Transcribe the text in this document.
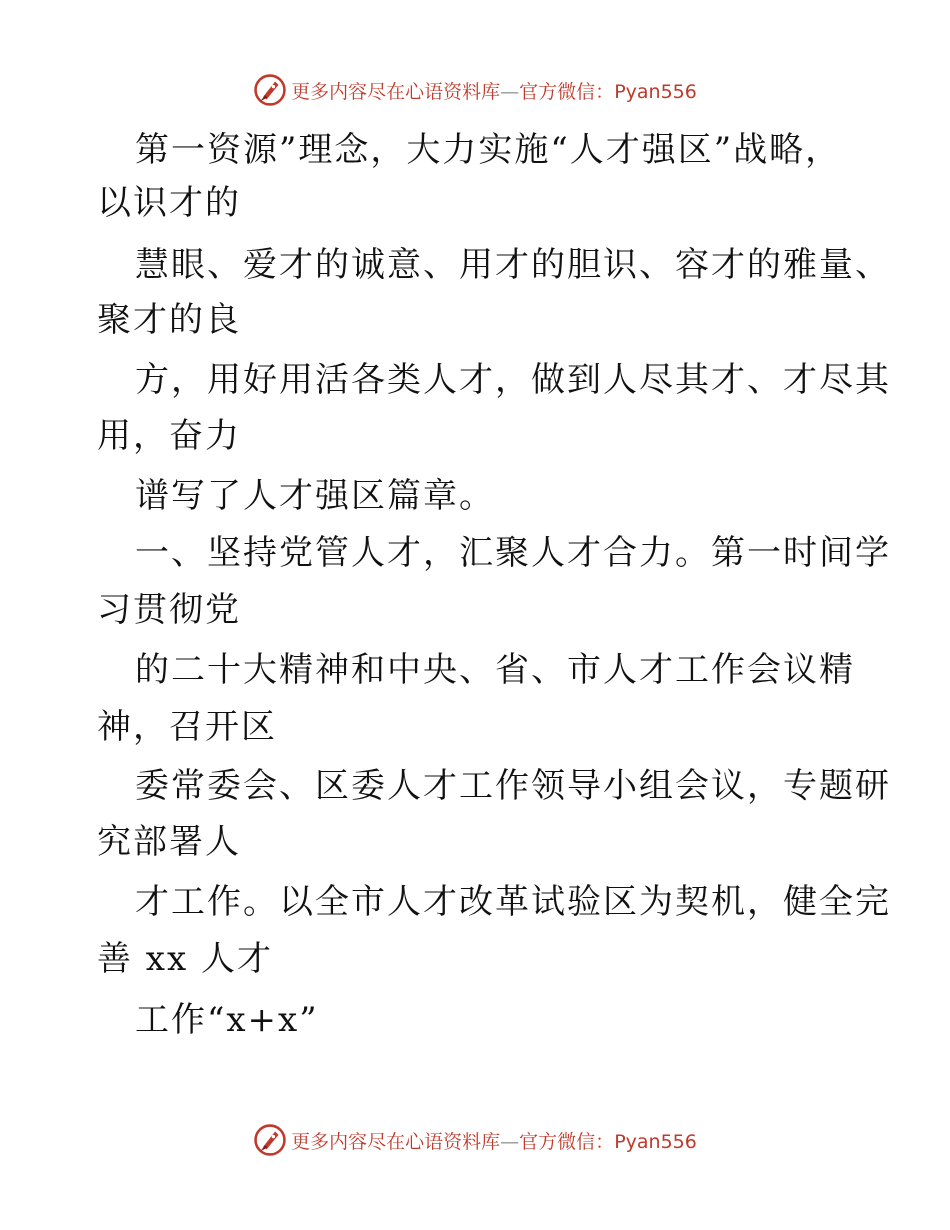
更多内容尽在心语资料库—官方微信：Pyan556
第一资源”理念，大力实施“人才强区”战略，
以识才的
慧眼、爱才的诚意、用才的胆识、容才的雅量、
聚才的良
方，用好用活各类人才，做到人尽其才、才尽其
用，奋力
谱写了人才强区篇章。
一、坚持党管人才，汇聚人才合力。第一时间学
习贯彻党
的二十大精神和中央、省、市人才工作会议精
神，召开区
委常委会、区委人才工作领导小组会议，专题研
究部署人
才工作。以全市人才改革试验区为契机，健全完
善 xx 人才
工作“x+x”
更多内容尽在心语资料库—官方微信：Pyan556
